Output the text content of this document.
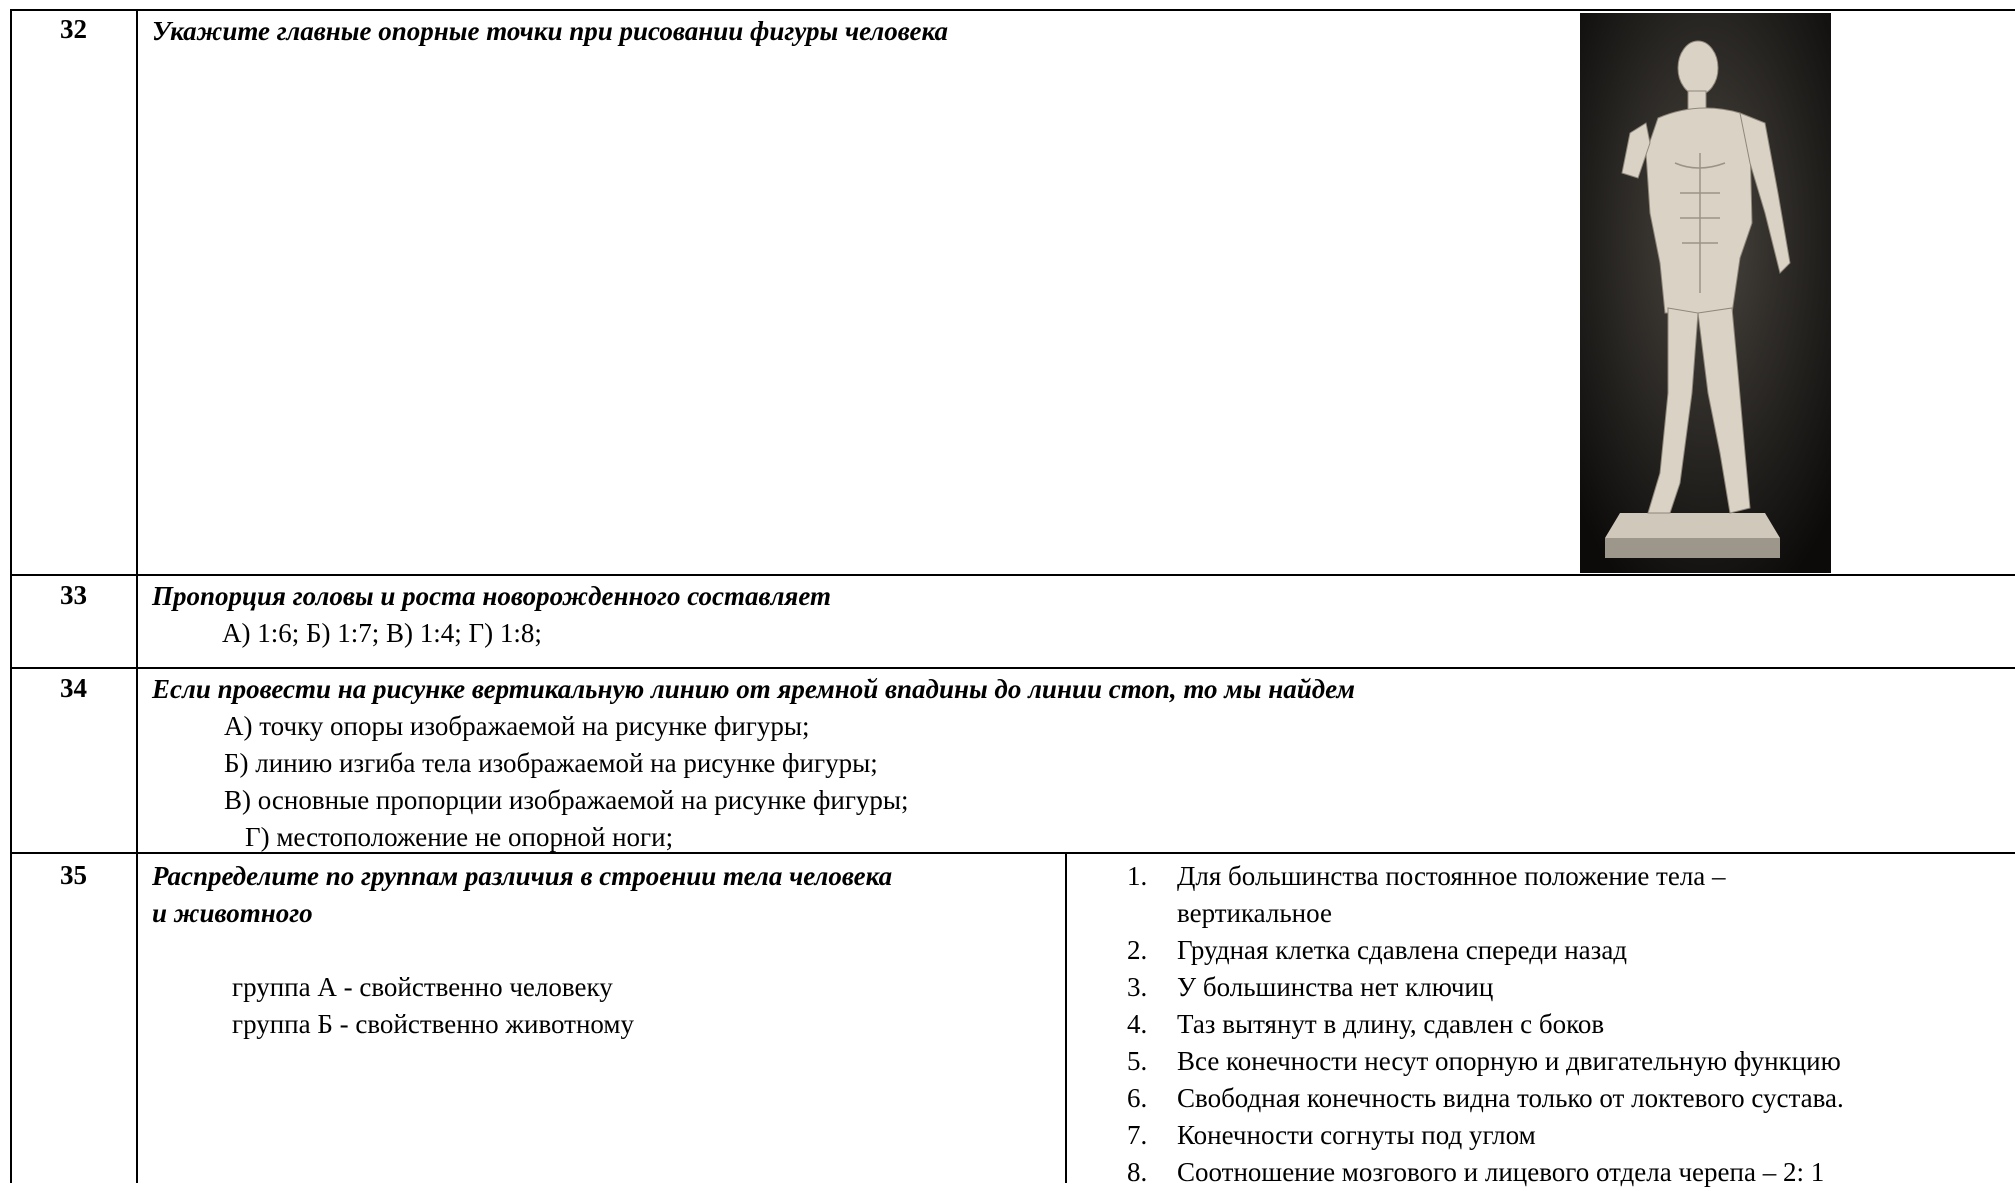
32 Укажите главные опорные точки при рисовании фигуры человека
33 Пропорция головы и роста новорожденного составляет
А) 1:6; Б) 1:7; В) 1:4; Г) 1:8;
34 Если провести на рисунке вертикальную линию от яремной впадины до линии стоп, то мы найдем
А) точку опоры изображаемой на рисунке фигуры;
Б) линию изгиба тела изображаемой на рисунке фигуры;
В) основные пропорции изображаемой на рисунке фигуры;
Г) местоположение не опорной ноги;
35 Распределите по группам различия в строении тела человека
и животного
группа А - свойственно человеку
группа Б - свойственно животному
1. Для большинства постоянное положение тела –
вертикальное
2. Грудная клетка сдавлена спереди назад
3. У большинства нет ключиц
4. Таз вытянут в длину, сдавлен с боков
5. Все конечности несут опорную и двигательную функцию
6. Свободная конечность видна только от локтевого сустава.
7. Конечности согнуты под углом
8. Соотношение мозгового и лицевого отдела черепа – 2: 1
